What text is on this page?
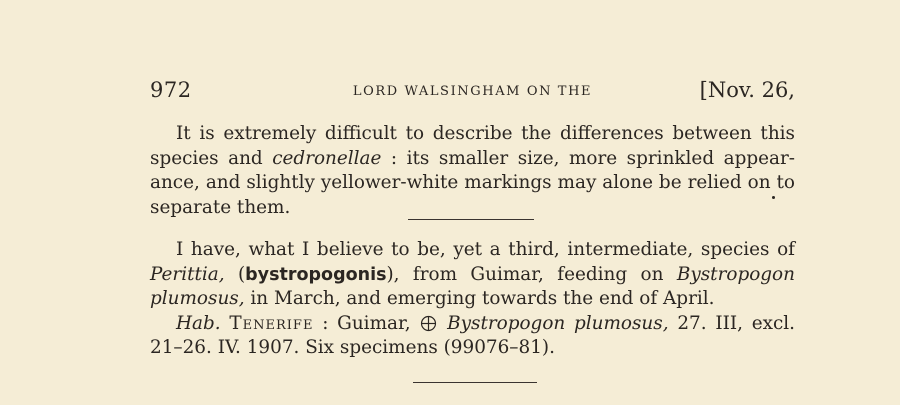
972	LORD WALSINGHAM ON THE	[Nov. 26,
It is extremely difficult to describe the differences between this species and cedronellae : its smaller size, more sprinkled appear-ance, and slightly yellower-white markings may alone be relied on to separate them.
I have, what I believe to be, yet a third, intermediate, species of Perittia, (bystropogonis), from Guimar, feeding on Bystropogon plumosus, in March, and emerging towards the end of April.
Hab. Tenerife : Guimar,  Bystropogon plumosus, 27. III, excl. 21–26. IV. 1907. Six specimens (99076–81).
